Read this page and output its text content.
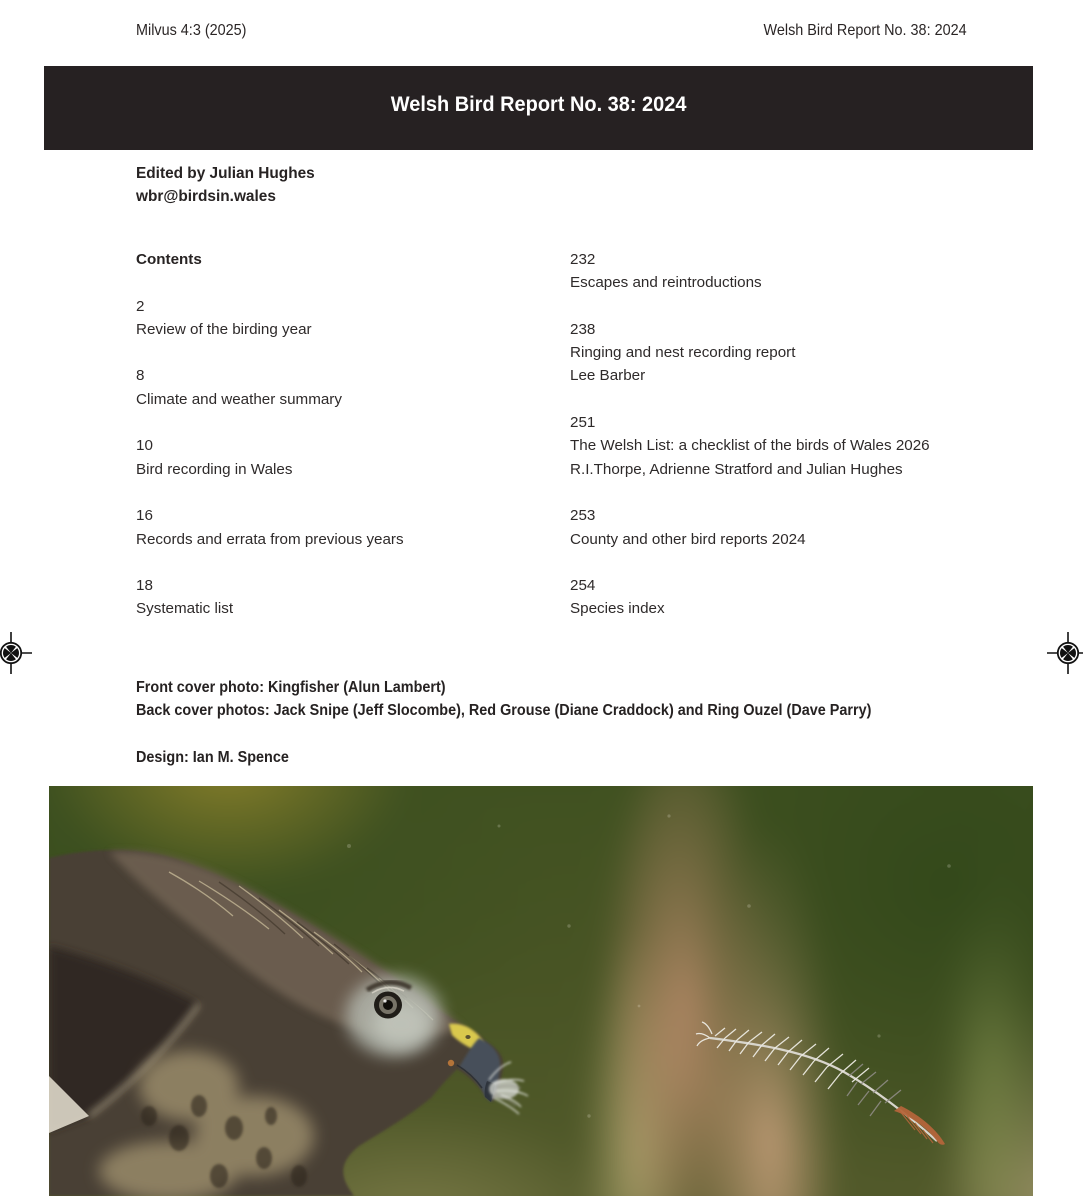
Milvus 4:3 (2025)	Welsh Bird Report No. 38: 2024
Welsh Bird Report No. 38: 2024
Edited by Julian Hughes
wbr@birdsin.wales
Contents
2
Review of the birding year
8
Climate and weather summary
10
Bird recording in Wales
16
Records and errata from previous years
18
Systematic list
232
Escapes and reintroductions
238
Ringing and nest recording report
Lee Barber
251
The Welsh List: a checklist of the birds of Wales 2026
R.I.Thorpe, Adrienne Stratford and Julian Hughes
253
County and other bird reports 2024
254
Species index
Front cover photo: Kingfisher (Alun Lambert)
Back cover photos: Jack Snipe (Jeff Slocombe), Red Grouse (Diane Craddock) and Ring Ouzel (Dave Parry)
Design: Ian M. Spence
